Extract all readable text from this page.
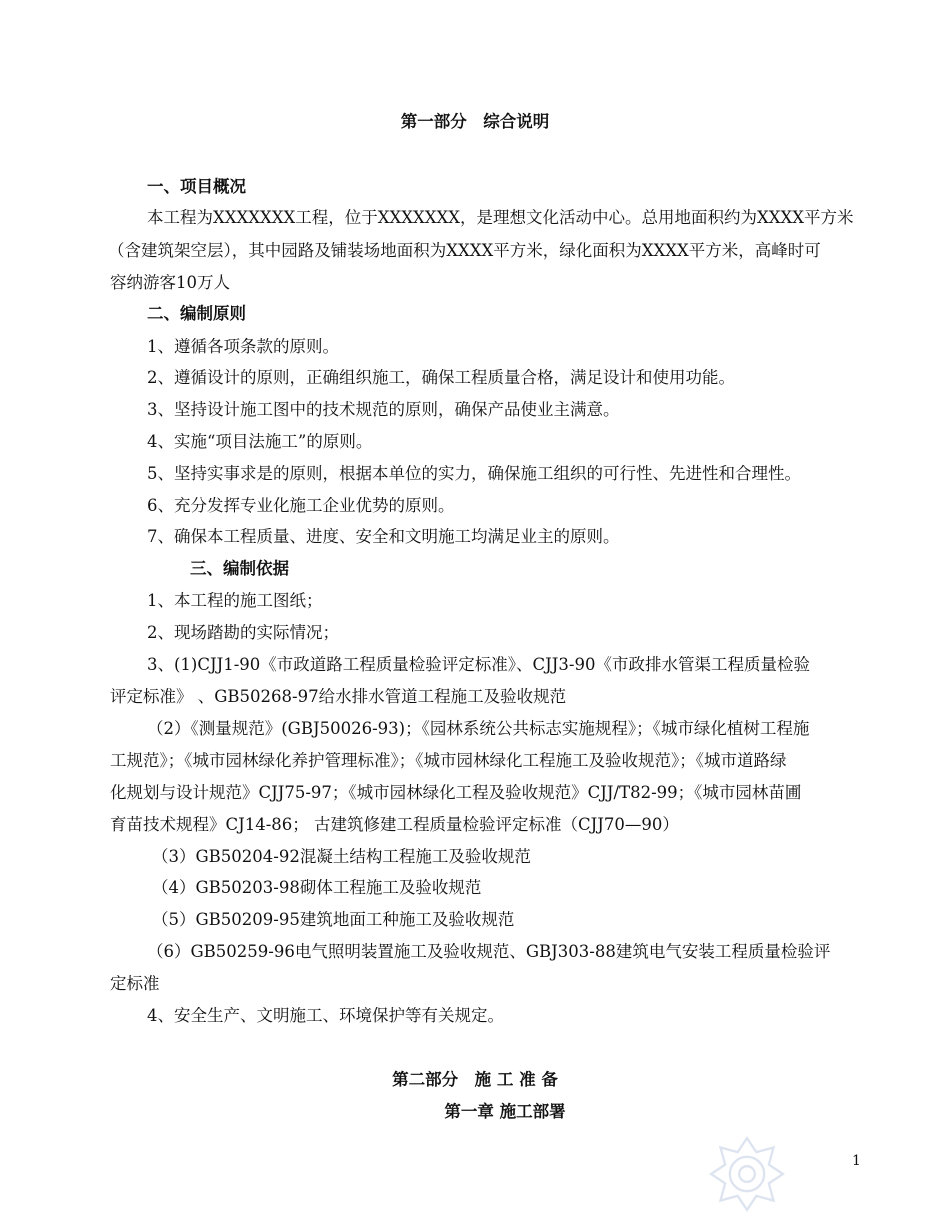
第一部分　综合说明
一、项目概况
本工程为XXXXXXX工程，位于XXXXXXX，是理想文化活动中心。总用地面积约为XXXX平方米
（含建筑架空层），其中园路及铺装场地面积为XXXX平方米，绿化面积为XXXX平方米，高峰时可
容纳游客10万人
二、编制原则
1、遵循各项条款的原则。
2、遵循设计的原则，正确组织施工，确保工程质量合格，满足设计和使用功能。
3、坚持设计施工图中的技术规范的原则，确保产品使业主满意。
4、实施“项目法施工”的原则。
5、坚持实事求是的原则，根据本单位的实力，确保施工组织的可行性、先进性和合理性。
6、充分发挥专业化施工企业优势的原则。
7、确保本工程质量、进度、安全和文明施工均满足业主的原则。
三、编制依据
1、本工程的施工图纸；
2、现场踏勘的实际情况；
3、(1)CJJ1-90《市政道路工程质量检验评定标准》、CJJ3-90《市政排水管渠工程质量检验
评定标准》 、GB50268-97给水排水管道工程施工及验收规范
（2）《测量规范》(GBJ50026-93)；《园林系统公共标志实施规程》；《城市绿化植树工程施
工规范》；《城市园林绿化养护管理标准》；《城市园林绿化工程施工及验收规范》；《城市道路绿
化规划与设计规范》CJJ75-97；《城市园林绿化工程及验收规范》CJJ/T82-99；《城市园林苗圃
育苗技术规程》CJ14-86； 古建筑修建工程质量检验评定标准（CJJ70—90）
（3）GB50204-92混凝土结构工程施工及验收规范
（4）GB50203-98砌体工程施工及验收规范
（5）GB50209-95建筑地面工种施工及验收规范
（6）GB50259-96电气照明装置施工及验收规范、GBJ303-88建筑电气安装工程质量检验评
定标准
4、安全生产、文明施工、环境保护等有关规定。
第二部分　施 工 准 备
第一章 施工部署
1
